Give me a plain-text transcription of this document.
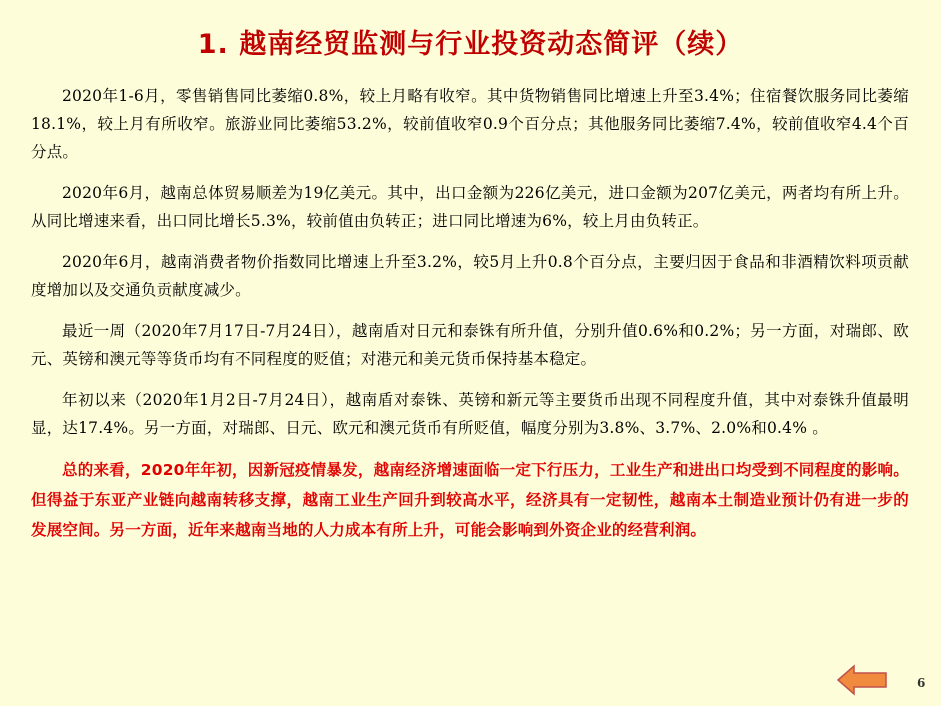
1. 越南经贸监测与行业投资动态简评（续）

2020年1-6月，零售销售同比萎缩0.8%，较上月略有收窄。其中货物销售同比增速上升至3.4%；住宿餐饮服务同比萎缩18.1%，较上月有所收窄。旅游业同比萎缩53.2%，较前值收窄0.9个百分点；其他服务同比萎缩7.4%，较前值收窄4.4个百分点。

2020年6月，越南总体贸易顺差为19亿美元。其中，出口金额为226亿美元，进口金额为207亿美元，两者均有所上升。从同比增速来看，出口同比增长5.3%，较前值由负转正；进口同比增速为6%，较上月由负转正。

2020年6月，越南消费者物价指数同比增速上升至3.2%，较5月上升0.8个百分点，主要归因于食品和非酒精饮料项贡献度增加以及交通负贡献度减少。

最近一周（2020年7月17日-7月24日），越南盾对日元和泰铢有所升值，分别升值0.6%和0.2%；另一方面，对瑞郎、欧元、英镑和澳元等等货币均有不同程度的贬值；对港元和美元货币保持基本稳定。

年初以来（2020年1月2日-7月24日），越南盾对泰铢、英镑和新元等主要货币出现不同程度升值，其中对泰铢升值最明显，达17.4%。另一方面，对瑞郎、日元、欧元和澳元货币有所贬值，幅度分别为3.8%、3.7%、2.0%和0.4% 。

总的来看，2020年年初，因新冠疫情暴发，越南经济增速面临一定下行压力，工业生产和进出口均受到不同程度的影响。但得益于东亚产业链向越南转移支撑，越南工业生产回升到较高水平，经济具有一定韧性，越南本土制造业预计仍有进一步的发展空间。另一方面，近年来越南当地的人力成本有所上升，可能会影响到外资企业的经营利润。

6
